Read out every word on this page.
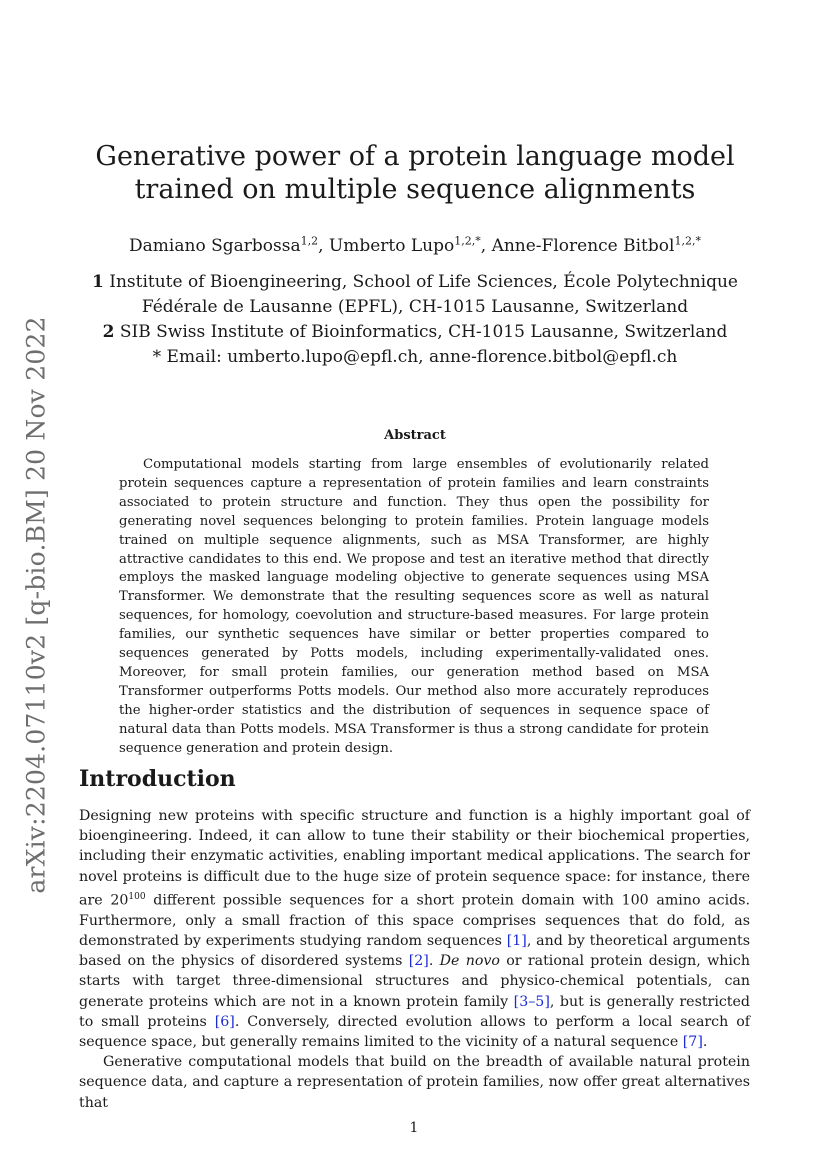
arXiv:2204.07110v2 [q-bio.BM] 20 Nov 2022
Generative power of a protein language model trained on multiple sequence alignments
Damiano Sgarbossa$^{1,2}$, Umberto Lupo$^{1,2,*}$, Anne-Florence Bitbol$^{1,2,*}$
1 Institute of Bioengineering, School of Life Sciences, École Polytechnique
Fédérale de Lausanne (EPFL), CH-1015 Lausanne, Switzerland
2 SIB Swiss Institute of Bioinformatics, CH-1015 Lausanne, Switzerland
* Email: umberto.lupo@epfl.ch, anne-florence.bitbol@epfl.ch
Abstract

Computational models starting from large ensembles of evolutionarily related protein sequences capture a representation of protein families and learn constraints associated to protein structure and function. They thus open the possibility for generating novel sequences belonging to protein families. Protein language models trained on multiple sequence alignments, such as MSA Transformer, are highly attractive candidates to this end. We propose and test an iterative method that directly employs the masked language modeling objective to generate sequences using MSA Transformer. We demonstrate that the resulting sequences score as well as natural sequences, for homology, coevolution and structure-based measures. For large protein families, our synthetic sequences have similar or better properties compared to sequences generated by Potts models, including experimentally-validated ones. Moreover, for small protein families, our generation method based on MSA Transformer outperforms Potts models. Our method also more accurately reproduces the higher-order statistics and the distribution of sequences in sequence space of natural data than Potts models. MSA Transformer is thus a strong candidate for protein sequence generation and protein design.

Introduction

Designing new proteins with specific structure and function is a highly important goal of bioengineering. Indeed, it can allow to tune their stability or their biochemical properties, including their enzymatic activities, enabling important medical applications. The search for novel proteins is difficult due to the huge size of protein sequence space: for instance, there are $20^{100}$ different possible sequences for a short protein domain with 100 amino acids. Furthermore, only a small fraction of this space comprises sequences that do fold, as demonstrated by experiments studying random sequences [1], and by theoretical arguments based on the physics of disordered systems [2]. De novo or rational protein design, which starts with target three-dimensional structures and physico-chemical potentials, can generate proteins which are not in a known protein family [3–5], but is generally restricted to small proteins [6]. Conversely, directed evolution allows to perform a local search of sequence space, but generally remains limited to the vicinity of a natural sequence [7].

Generative computational models that build on the breadth of available natural protein sequence data, and capture a representation of protein families, now offer great alternatives that

1
